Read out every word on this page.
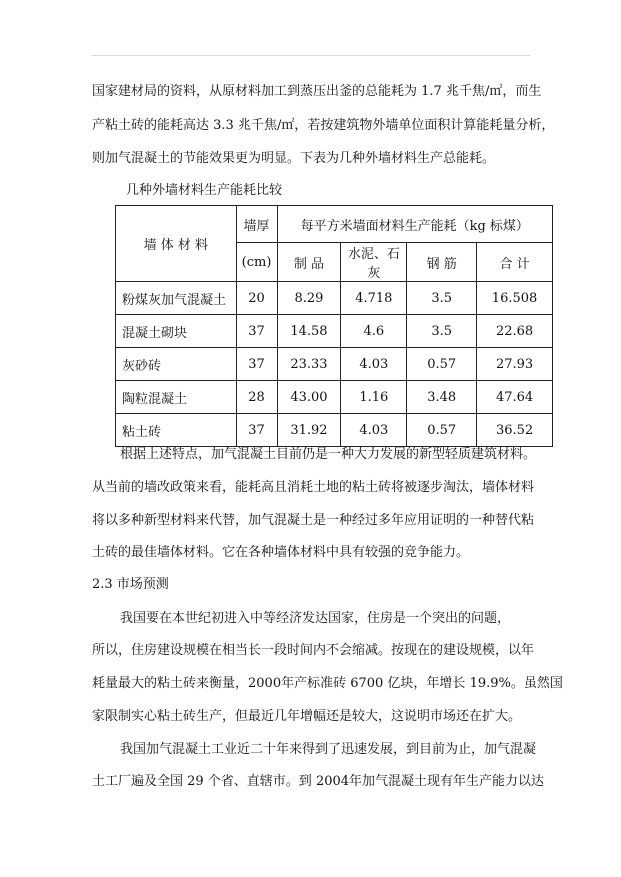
国家建材局的资料，从原材料加工到蒸压出釜的总能耗为 1.7 兆千焦/㎡，而生
产粘土砖的能耗高达 3.3 兆千焦/㎡，若按建筑物外墙单位面积计算能耗量分析，
则加气混凝土的节能效果更为明显。下表为几种外墙材料生产总能耗。
几种外墙材料生产能耗比较
墙 体 材 料	墙厚	每平方米墙面材料生产能耗（kg 标煤）			
	(cm)	制 品	水泥、石灰	钢 筋	合 计
粉煤灰加气混凝土	20	8.29	4.718	3.5	16.508
混凝土砌块	37	14.58	4.6	3.5	22.68
灰砂砖	37	23.33	4.03	0.57	27.93
陶粒混凝土	28	43.00	1.16	3.48	47.64
粘土砖	37	31.92	4.03	0.57	36.52
根据上述特点，加气混凝土目前仍是一种大力发展的新型轻质建筑材料。
从当前的墙改政策来看，能耗高且消耗土地的粘土砖将被逐步淘汰，墙体材料
将以多种新型材料来代替，加气混凝土是一种经过多年应用证明的一种替代粘
土砖的最佳墙体材料。它在各种墙体材料中具有较强的竞争能力。
2.3 市场预测
我国要在本世纪初进入中等经济发达国家，住房是一个突出的问题，
所以，住房建设规模在相当长一段时间内不会缩减。按现在的建设规模，以年
耗量最大的粘土砖来衡量，2000年产标准砖 6700 亿块，年增长 19.9%。虽然国
家限制实心粘土砖生产，但最近几年增幅还是较大，这说明市场还在扩大。
我国加气混凝土工业近二十年来得到了迅速发展，到目前为止，加气混凝
土工厂遍及全国 29 个省、直辖市。到 2004年加气混凝土现有年生产能力以达
